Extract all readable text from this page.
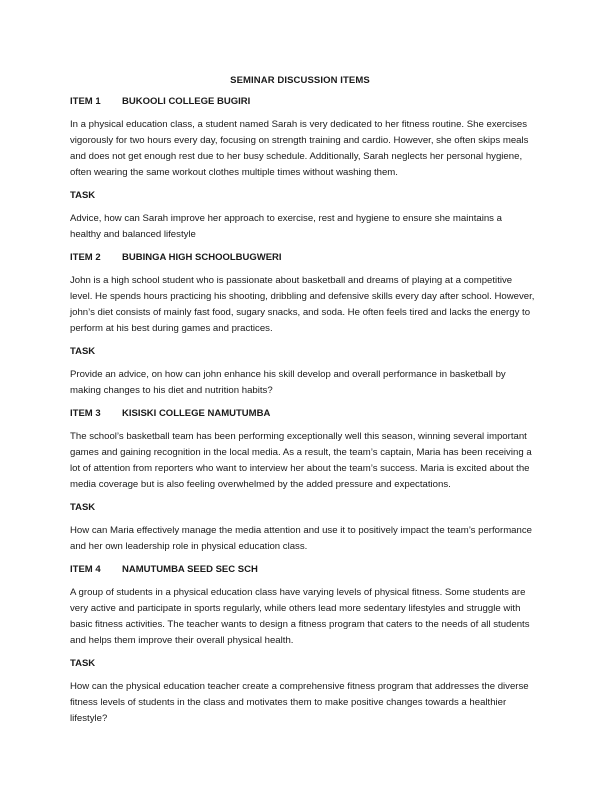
SEMINAR DISCUSSION ITEMS
ITEM 1	BUKOOLI COLLEGE BUGIRI

In a physical education class, a student named Sarah is very dedicated to her fitness routine. She exercises vigorously for two hours every day, focusing on strength training and cardio. However, she often skips meals and does not get enough rest due to her busy schedule. Additionally, Sarah neglects her personal hygiene, often wearing the same workout clothes multiple times without washing them.

TASK

Advice, how can Sarah improve her approach to exercise, rest and hygiene to ensure she maintains a healthy and balanced lifestyle

ITEM 2	BUBINGA HIGH SCHOOLBUGWERI

John is a high school student who is passionate about basketball and dreams of playing at a competitive level. He spends hours practicing his shooting, dribbling and defensive skills every day after school. However, john’s diet consists of mainly fast food, sugary snacks, and soda. He often feels tired and lacks the energy to perform at his best during games and practices.

TASK

Provide an advice, on how can john enhance his skill develop and overall performance in basketball by making changes to his diet and nutrition habits?

ITEM 3	KISISKI COLLEGE NAMUTUMBA

The school’s basketball team has been performing exceptionally well this season, winning several important games and gaining recognition in the local media. As a result, the team’s captain, Maria has been receiving a lot of attention from reporters who want to interview her about the team’s success. Maria is excited about the media coverage but is also feeling overwhelmed by the added pressure and expectations.

TASK

How can Maria effectively manage the media attention and use it to positively impact the team’s performance and her own leadership role in physical education class.

ITEM 4	NAMUTUMBA SEED SEC SCH

A group of students in a physical education class have varying levels of physical fitness. Some students are very active and participate in sports regularly, while others lead more sedentary lifestyles and struggle with basic fitness activities. The teacher wants to design a fitness program that caters to the needs of all students and helps them improve their overall physical health.

TASK

How can the physical education teacher create a comprehensive fitness program that addresses the diverse fitness levels of students in the class and motivates them to make positive changes towards a healthier lifestyle?
